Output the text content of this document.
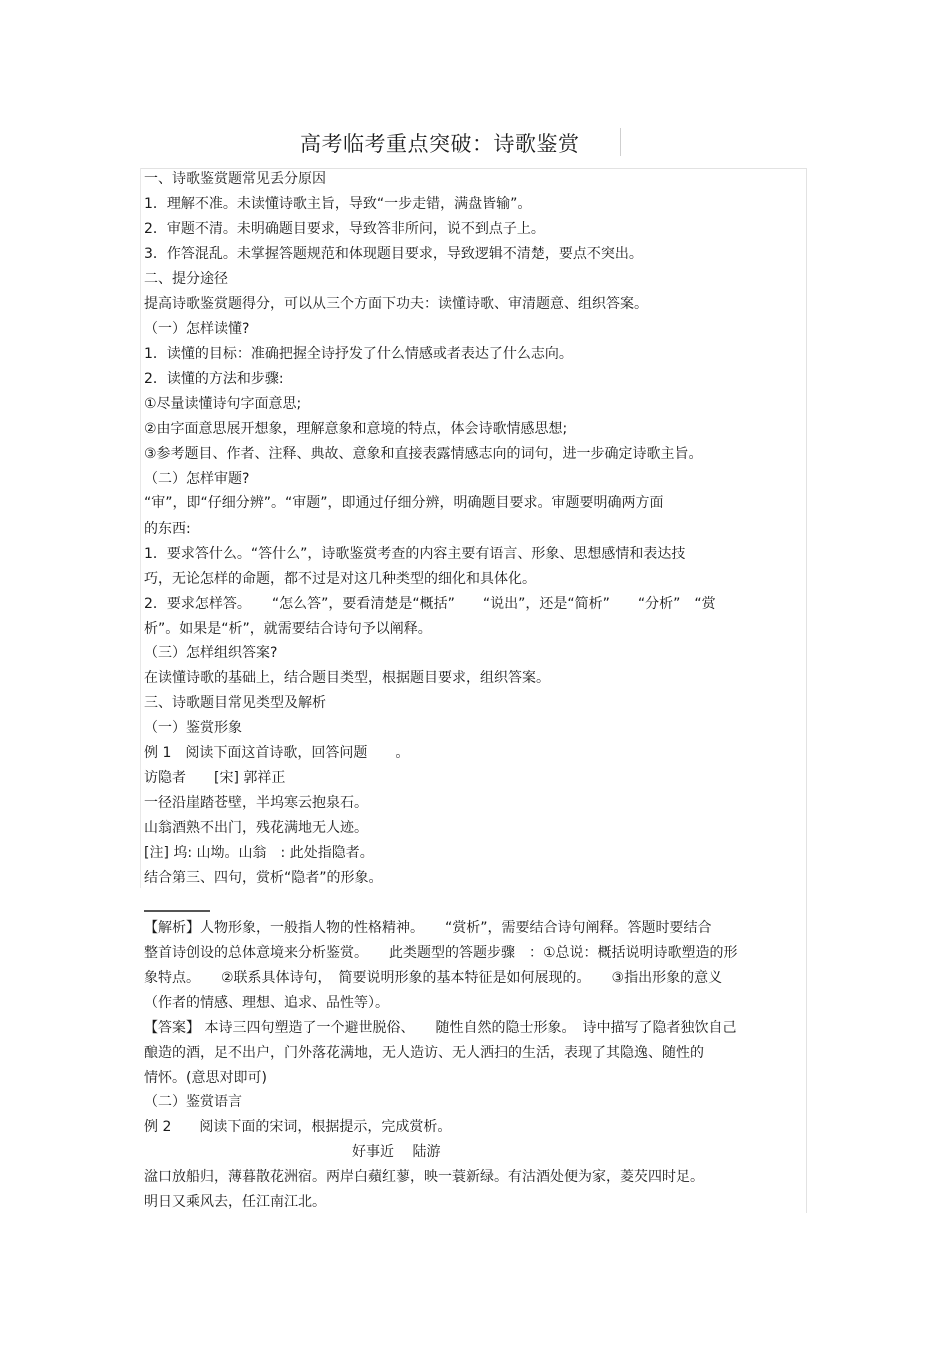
高考临考重点突破：诗歌鉴赏
一、诗歌鉴赏题常见丢分原因
1．理解不准。未读懂诗歌主旨，导致“一步走错，满盘皆输”。
2．审题不清。未明确题目要求，导致答非所问，说不到点子上。
3．作答混乱。未掌握答题规范和体现题目要求，导致逻辑不清楚，要点不突出。
二、提分途径
提高诗歌鉴赏题得分，可以从三个方面下功夫：读懂诗歌、审清题意、组织答案。
（一）怎样读懂?
1．读懂的目标：准确把握全诗抒发了什么情感或者表达了什么志向。
2．读懂的方法和步骤:
①尽量读懂诗句字面意思;
②由字面意思展开想象，理解意象和意境的特点，体会诗歌情感思想;
③参考题目、作者、注释、典故、意象和直接表露情感志向的词句，进一步确定诗歌主旨。
（二）怎样审题?
“审”，即“仔细分辨”。“审题”，即通过仔细分辨，明确题目要求。审题要明确两方面
的东西:
1．要求答什么。“答什么”，诗歌鉴赏考查的内容主要有语言、形象、思想感情和表达技
巧，无论怎样的命题，都不过是对这几种类型的细化和具体化。
2．要求怎样答。　　“怎么答”，要看清楚是“概括”　　“说出”，还是“简析”　　“分析”　“赏
析”。如果是“析”，就需要结合诗句予以阐释。
（三）怎样组织答案?
在读懂诗歌的基础上，结合题目类型，根据题目要求，组织答案。
三、诗歌题目常见类型及解析
（一）鉴赏形象
例 1　阅读下面这首诗歌，回答问题　　。
访隐者　　[宋] 郭祥正
一径沿崖踏苍壁，半坞寒云抱泉石。
山翁酒熟不出门，残花满地无人迹。
[注] 坞: 山坳。山翁　: 此处指隐者。
结合第三、四句，赏析“隐者”的形象。
【解析】人物形象，一般指人物的性格精神。　　“赏析”，需要结合诗句阐释。答题时要结合
整首诗创设的总体意境来分析鉴赏。　　此类题型的答题步骤　：①总说：概括说明诗歌塑造的形
象特点。　　②联系具体诗句，　简要说明形象的基本特征是如何展现的。　　③指出形象的意义
（作者的情感、理想、追求、品性等）。
【答案】 本诗三四句塑造了一个避世脱俗、　　随性自然的隐士形象。　诗中描写了隐者独饮自己
酿造的酒，足不出户，门外落花满地，无人造访、无人洒扫的生活，表现了其隐逸、随性的
情怀。(意思对即可)
（二）鉴赏语言
例 2　　阅读下面的宋词，根据提示，完成赏析。
好事近　 陆游
湓口放船归，薄暮散花洲宿。两岸白蘋红蓼，映一蓑新绿。有沽酒处便为家，菱芡四时足。
明日又乘风去，任江南江北。
